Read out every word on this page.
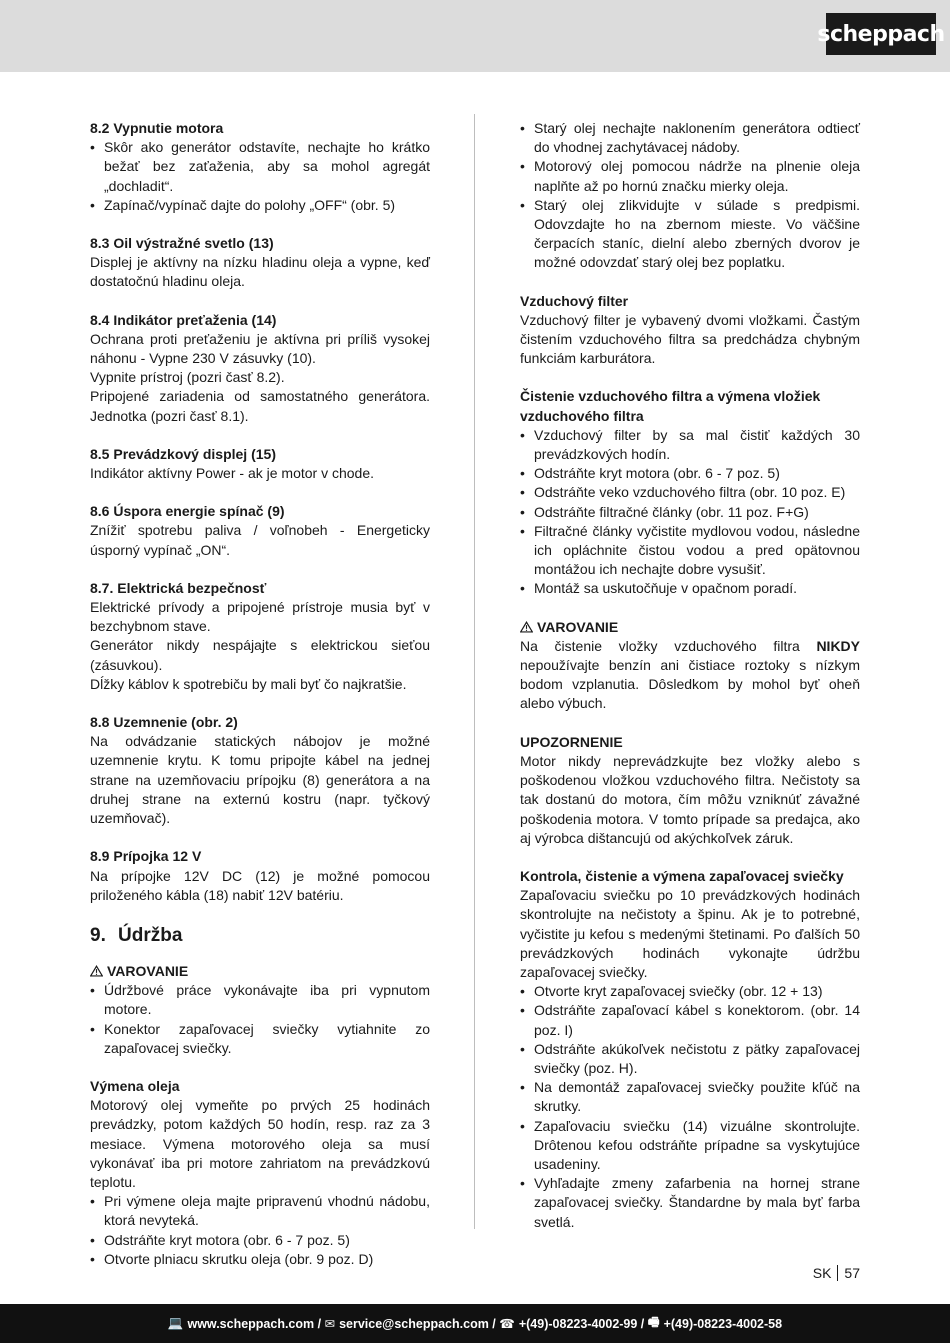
scheppach
8.2 Vypnutie motora
• Skôr ako generátor odstavíte, nechajte ho krátko bežať bez zaťaženia, aby sa mohol agregát „dochladit“.
• Zapínač/vypínač dajte do polohy „OFF“ (obr. 5)
8.3 Oil výstražné svetlo (13)

Displej je aktívny na nízku hladinu oleja a vypne, keď dostatočnú hladinu oleja.

8.4 Indikátor preťaženia (14)

Ochrana proti preťaženiu je aktívna pri príliš vysokej náhonu - Vypne 230 V zásuvky (10).

Vypnite prístroj (pozri časť 8.2).

Pripojené zariadenia od samostatného generátora. Jednotka (pozri časť 8.1).

8.5 Prevádzkový displej (15)

Indikátor aktívny Power - ak je motor v chode.

8.6 Úspora energie spínač (9)

Znížiť spotrebu paliva / voľnobeh - Energeticky úsporný vypínač „ON“.

8.7. Elektrická bezpečnosť

Elektrické prívody a pripojené prístroje musia byť v bezchybnom stave.

Generátor nikdy nespájajte s elektrickou sieťou (zásuvkou).

Dĺžky káblov k spotrebiču by mali byť čo najkratšie.

8.8 Uzemnenie (obr. 2)

Na odvádzanie statických nábojov je možné uzemnenie krytu. K tomu pripojte kábel na jednej strane na uzemňovaciu prípojku (8) generátora a na druhej strane na externú kostru (napr. tyčkový uzemňovač).

8.9 Prípojka 12 V

Na prípojke 12V DC (12) je možné pomocou priloženého kábla (18) nabiť 12V batériu.

9. Údržba
VAROVANIE
• Údržbové práce vykonávajte iba pri vypnutom motore.
• Konektor zapaľovacej sviečky vytiahnite zo zapaľovacej sviečky.
Výmena oleja

Motorový olej vymeňte po prvých 25 hodinách prevádzky, potom každých 50 hodín, resp. raz za 3 mesiace. Výmena motorového oleja sa musí vykonávať iba pri motore zahriatom na prevádzkovú teplotu.

• Pri výmene oleja majte pripravenú vhodnú nádobu, ktorá nevyteká.
• Odstráňte kryt motora (obr. 6 - 7 poz. 5)
• Otvorte plniacu skrutku oleja (obr. 9 poz. D)
• Starý olej nechajte naklonením generátora odtiecť do vhodnej zachytávacej nádoby.
• Motorový olej pomocou nádrže na plnenie oleja naplňte až po hornú značku mierky oleja.
• Starý olej zlikvidujte v súlade s predpismi. Odovzdajte ho na zbernom mieste. Vo väčšine čerpacích staníc, dielní alebo zberných dvorov je možné odovzdať starý olej bez poplatku.
Vzduchový filter

Vzduchový filter je vybavený dvomi vložkami. Častým čistením vzduchového filtra sa predchádza chybným funkciám karburátora.

Čistenie vzduchového filtra a výmena vložiek vzduchového filtra
• Vzduchový filter by sa mal čistiť každých 30 prevádzkových hodín.
• Odstráňte kryt motora (obr. 6 - 7 poz. 5)
• Odstráňte veko vzduchového filtra (obr. 10 poz. E)
• Odstráňte filtračné články (obr. 11 poz. F+G)
• Filtračné články vyčistite mydlovou vodou, následne ich opláchnite čistou vodou a pred opätovnou montážou ich nechajte dobre vysušiť.
• Montáž sa uskutočňuje v opačnom poradí.
VAROVANIE

Na čistenie vložky vzduchového filtra NIKDY nepoužívajte benzín ani čistiace roztoky s nízkym bodom vzplanutia. Dôsledkom by mohol byť oheň alebo výbuch.

UPOZORNENIE

Motor nikdy neprevádzkujte bez vložky alebo s poškodenou vložkou vzduchového filtra. Nečistoty sa tak dostanú do motora, čím môžu vzniknúť závažné poškodenia motora. V tomto prípade sa predajca, ako aj výrobca dištancujú od akýchkoľvek záruk.

Kontrola, čistenie a výmena zapaľovacej sviečky

Zapaľovaciu sviečku po 10 prevádzkových hodinách skontrolujte na nečistoty a špinu. Ak je to potrebné, vyčistite ju kefou s medenými štetinami. Po ďalších 50 prevádzkových hodinách vykonajte údržbu zapaľovacej sviečky.

• Otvorte kryt zapaľovacej sviečky (obr. 12 + 13)
• Odstráňte zapaľovací kábel s konektorom. (obr. 14 poz. I)
• Odstráňte akúkoľvek nečistotu z pätky zapaľovacej sviečky (poz. H).
• Na demontáž zapaľovacej sviečky použite kľúč na skrutky.
• Zapaľovaciu sviečku (14) vizuálne skontrolujte. Drôtenou kefou odstráňte prípadne sa vyskytujúce usadeniny.
• Vyhľadajte zmeny zafarbenia na hornej strane zapaľovacej sviečky. Štandardne by mala byť farba svetlá.
SK 57
💻 www.scheppach.com /
✉ service@scheppach.com /
☎ +(49)-08223-4002-99 /
🖷 +(49)-08223-4002-58
